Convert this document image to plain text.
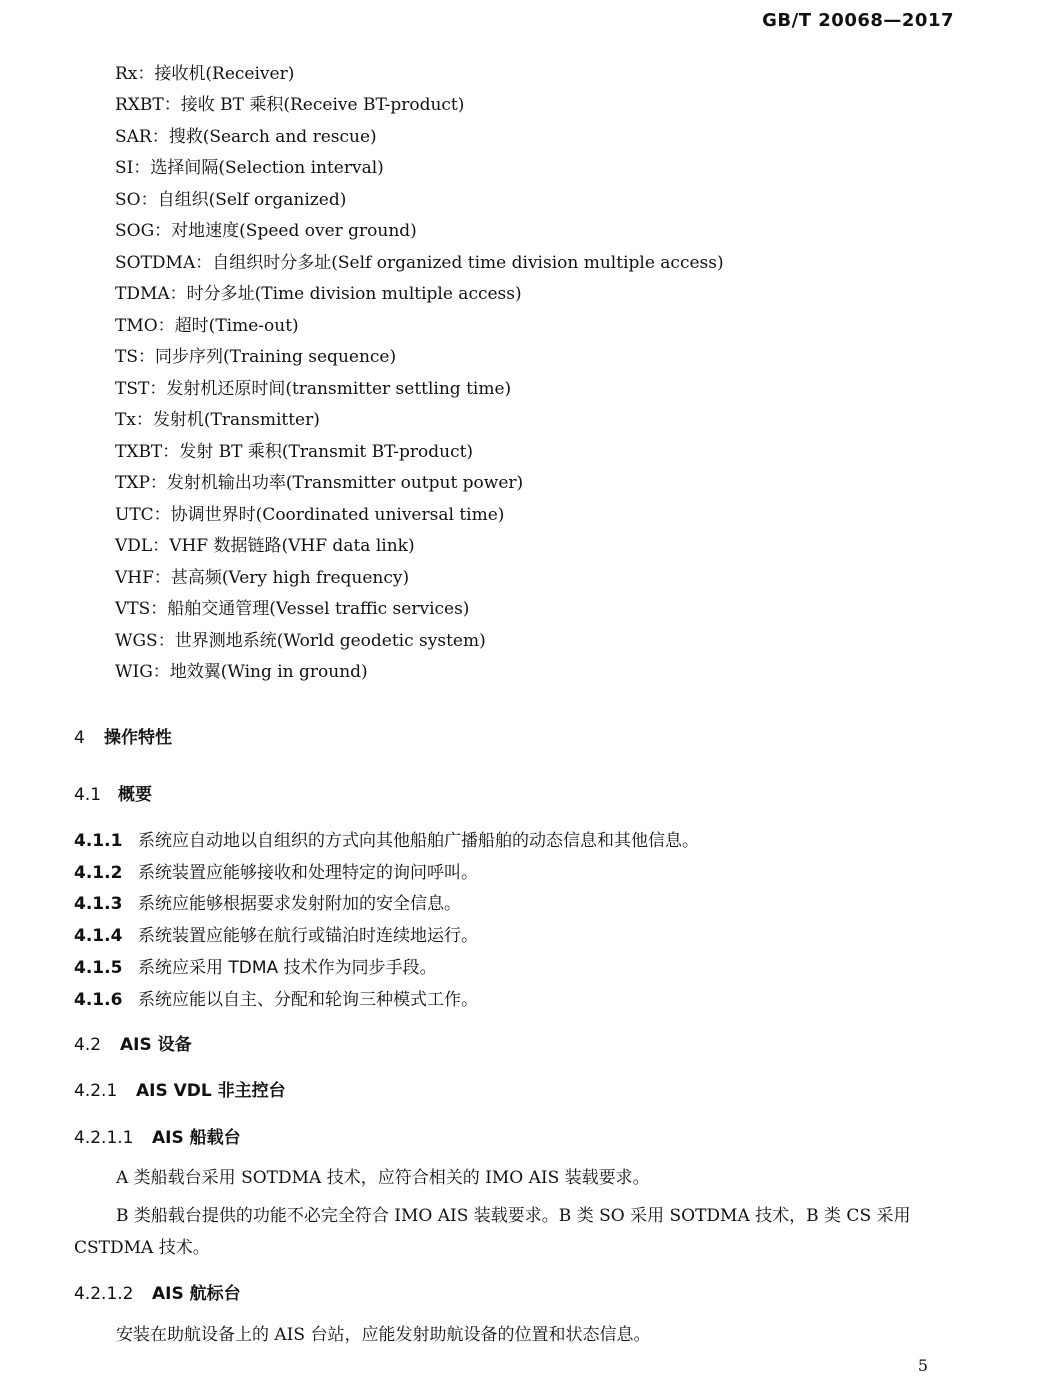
GB/T 20068—2017
Rx：接收机(Receiver)
RXBT：接收 BT 乘积(Receive BT-product)
SAR：搜救(Search and rescue)
SI：选择间隔(Selection interval)
SO：自组织(Self organized)
SOG：对地速度(Speed over ground)
SOTDMA：自组织时分多址(Self organized time division multiple access)
TDMA：时分多址(Time division multiple access)
TMO：超时(Time-out)
TS：同步序列(Training sequence)
TST：发射机还原时间(transmitter settling time)
Tx：发射机(Transmitter)
TXBT：发射 BT 乘积(Transmit BT-product)
TXP：发射机输出功率(Transmitter output power)
UTC：协调世界时(Coordinated universal time)
VDL：VHF 数据链路(VHF data link)
VHF：甚高频(Very high frequency)
VTS：船舶交通管理(Vessel traffic services)
WGS：世界测地系统(World geodetic system)
WIG：地效翼(Wing in ground)
4 操作特性
4.1 概要
4.1.1 系统应自动地以自组织的方式向其他船舶广播船舶的动态信息和其他信息。
4.1.2 系统装置应能够接收和处理特定的询问呼叫。
4.1.3 系统应能够根据要求发射附加的安全信息。
4.1.4 系统装置应能够在航行或锚泊时连续地运行。
4.1.5 系统应采用 TDMA 技术作为同步手段。
4.1.6 系统应能以自主、分配和轮询三种模式工作。
4.2 AIS 设备
4.2.1 AIS VDL 非主控台
4.2.1.1 AIS 船载台
A 类船载台采用 SOTDMA 技术，应符合相关的 IMO AIS 装载要求。
B 类船载台提供的功能不必完全符合 IMO AIS 装载要求。B 类 SO 采用 SOTDMA 技术，B 类 CS 采用 CSTDMA 技术。
4.2.1.2 AIS 航标台
安装在助航设备上的 AIS 台站，应能发射助航设备的位置和状态信息。
5
